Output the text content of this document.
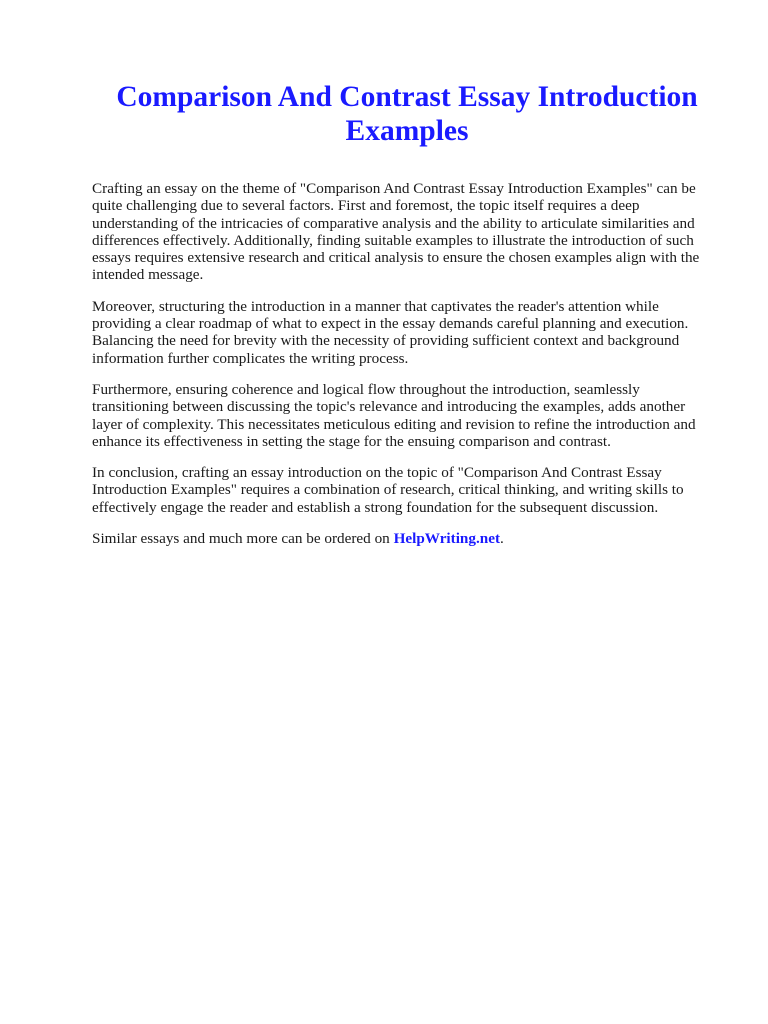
Comparison And Contrast Essay Introduction Examples

Crafting an essay on the theme of "Comparison And Contrast Essay Introduction Examples" can be quite challenging due to several factors. First and foremost, the topic itself requires a deep understanding of the intricacies of comparative analysis and the ability to articulate similarities and differences effectively. Additionally, finding suitable examples to illustrate the introduction of such essays requires extensive research and critical analysis to ensure the chosen examples align with the intended message.

Moreover, structuring the introduction in a manner that captivates the reader's attention while providing a clear roadmap of what to expect in the essay demands careful planning and execution. Balancing the need for brevity with the necessity of providing sufficient context and background information further complicates the writing process.

Furthermore, ensuring coherence and logical flow throughout the introduction, seamlessly transitioning between discussing the topic's relevance and introducing the examples, adds another layer of complexity. This necessitates meticulous editing and revision to refine the introduction and enhance its effectiveness in setting the stage for the ensuing comparison and contrast.

In conclusion, crafting an essay introduction on the topic of "Comparison And Contrast Essay Introduction Examples" requires a combination of research, critical thinking, and writing skills to effectively engage the reader and establish a strong foundation for the subsequent discussion.

Similar essays and much more can be ordered on HelpWriting.net.
